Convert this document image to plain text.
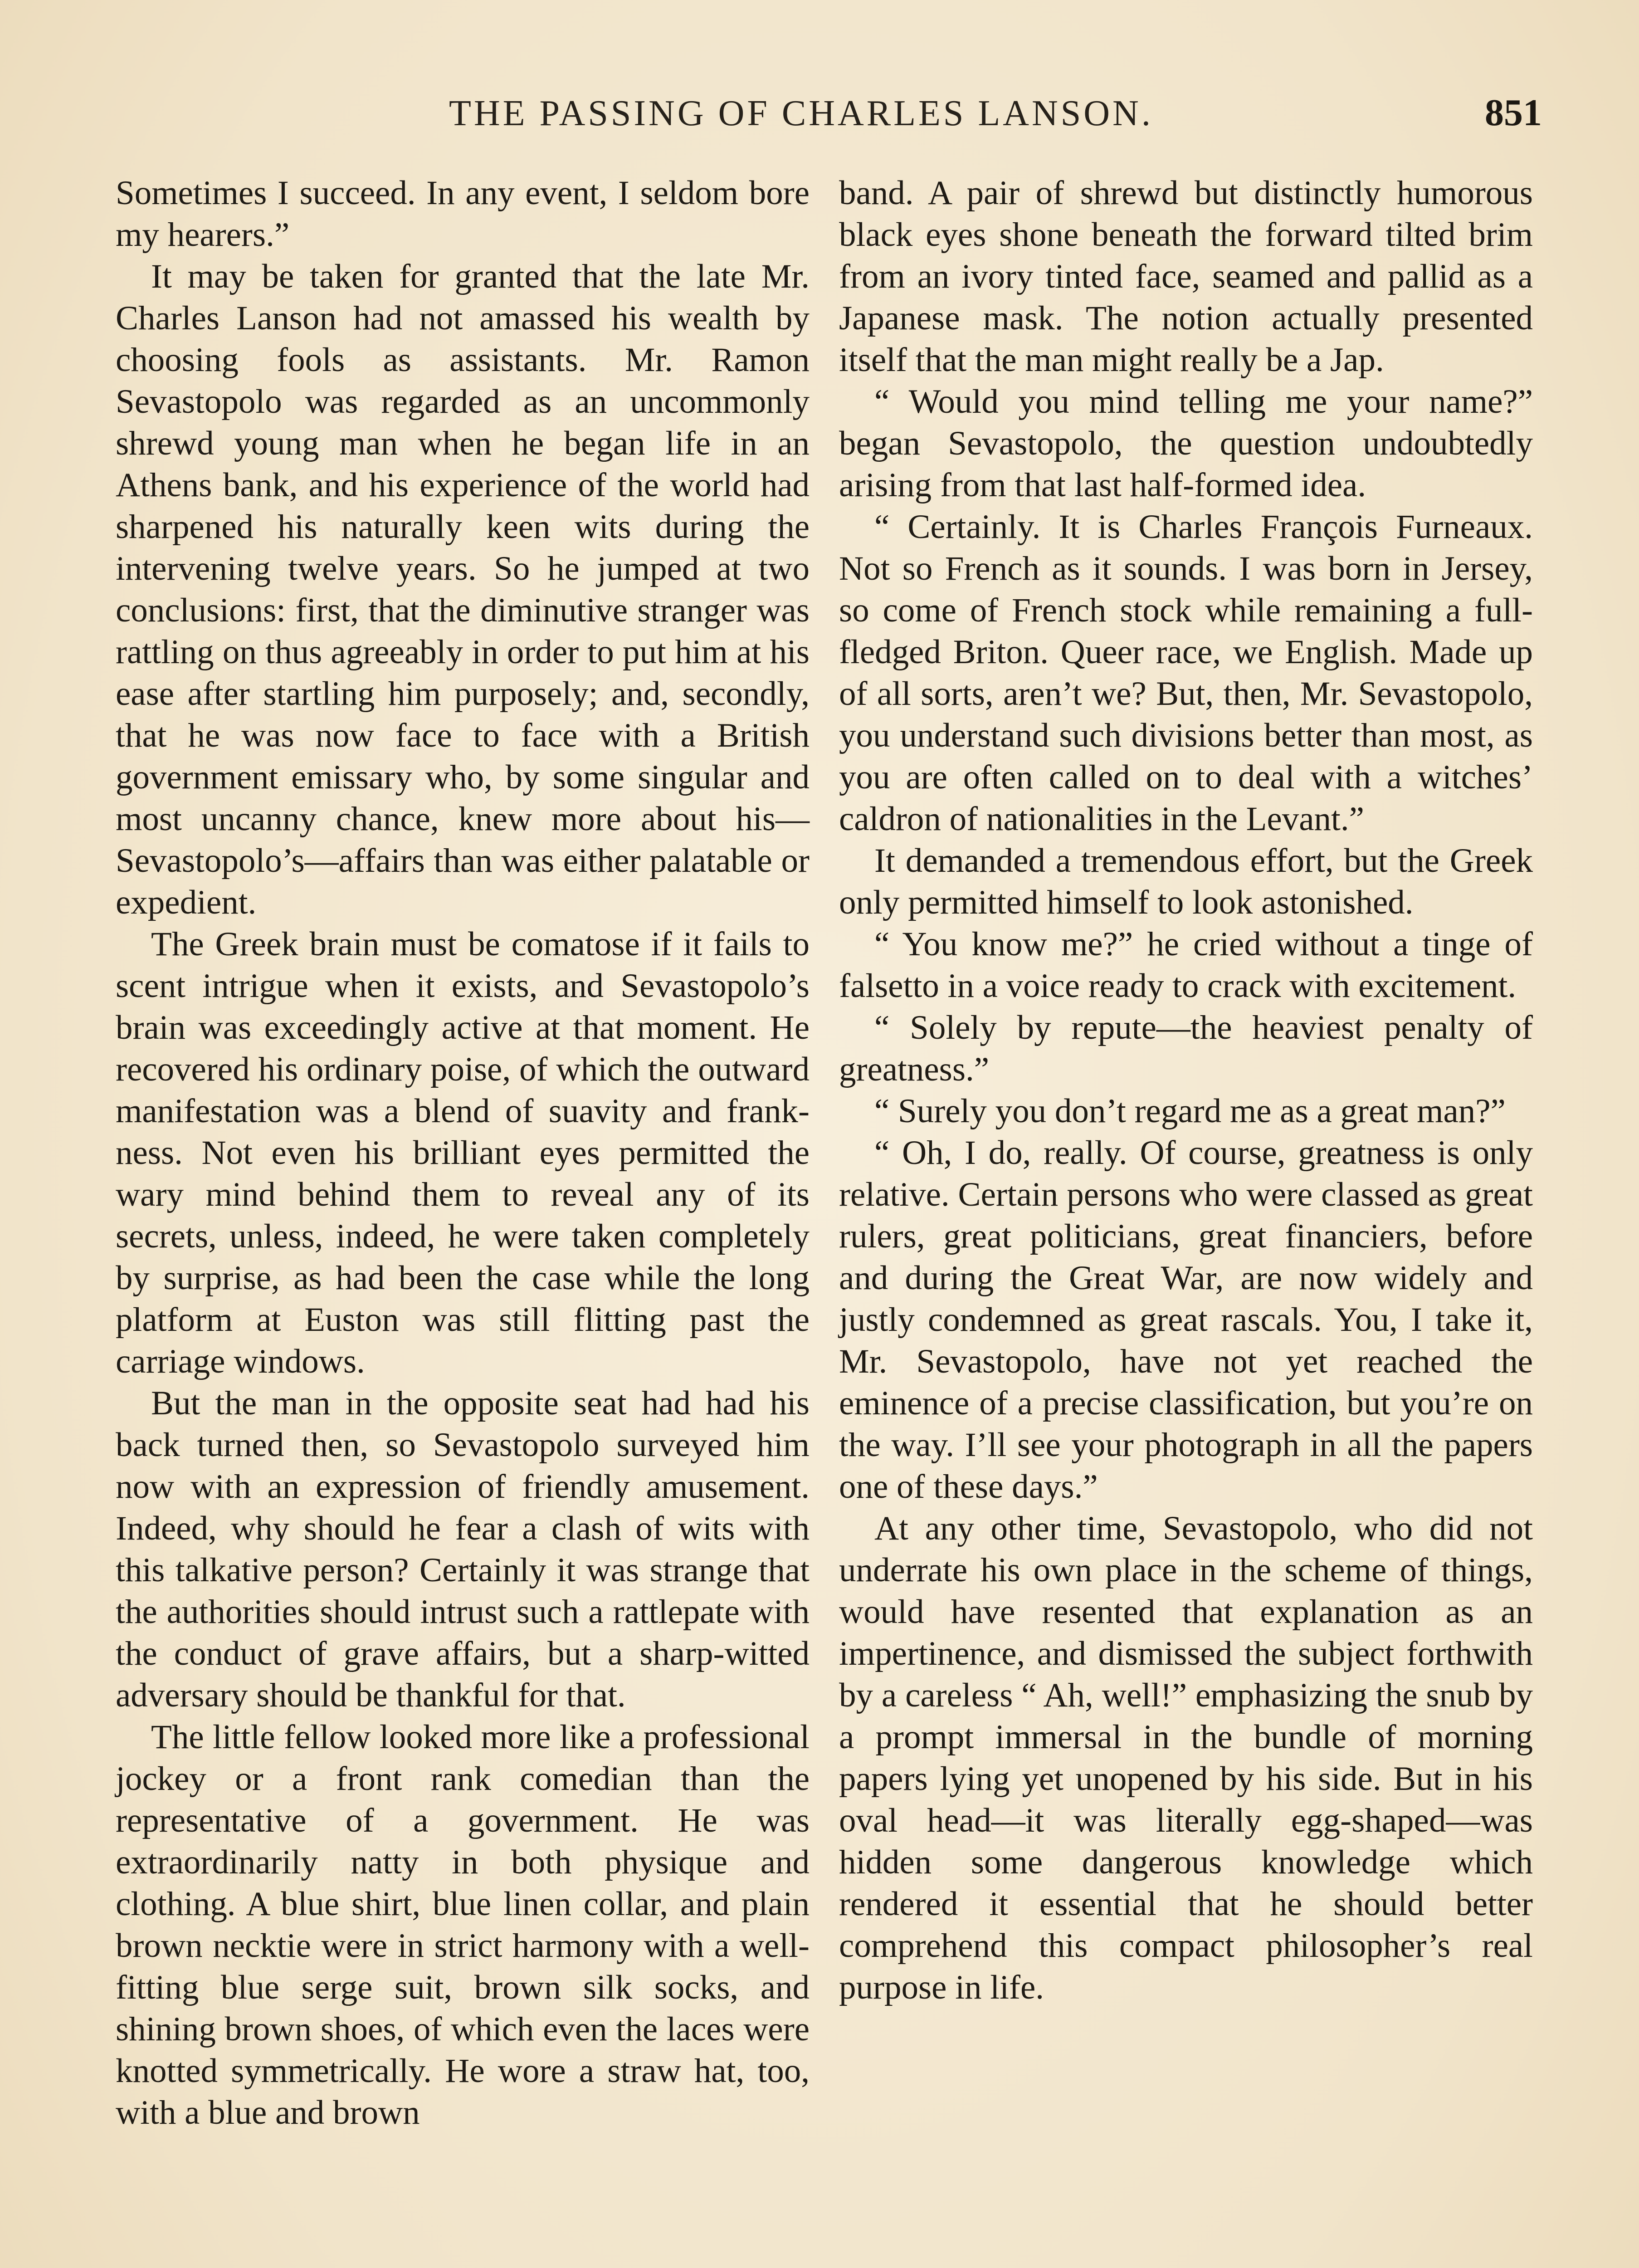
THE PASSING OF CHARLES LANSON.	851

Sometimes I succeed. In any event, I seldom bore my hearers.”

It may be taken for granted that the late Mr. Charles Lanson had not amassed his wealth by choosing fools as assistants. Mr. Ramon Sevastopolo was regarded as an uncommonly shrewd young man when he began life in an Athens bank, and his experience of the world had sharpened his naturally keen wits during the intervening twelve years. So he jumped at two conclusions: first, that the diminutive stranger was rattling on thus agreeably in order to put him at his ease after startling him purposely; and, secondly, that he was now face to face with a British government emissary who, by some singular and most uncanny chance, knew more about his—Sevastopolo’s—affairs than was either palatable or expedient.

The Greek brain must be comatose if it fails to scent intrigue when it exists, and Sevastopolo’s brain was exceedingly active at that moment. He recovered his ordinary poise, of which the outward manifestation was a blend of suavity and frankness. Not even his brilliant eyes permitted the wary mind behind them to reveal any of its secrets, unless, indeed, he were taken completely by surprise, as had been the case while the long platform at Euston was still flitting past the carriage windows.

But the man in the opposite seat had had his back turned then, so Sevastopolo surveyed him now with an expression of friendly amusement. Indeed, why should he fear a clash of wits with this talkative person? Certainly it was strange that the authorities should intrust such a rattlepate with the conduct of grave affairs, but a sharp-witted adversary should be thankful for that.

The little fellow looked more like a professional jockey or a front rank comedian than the representative of a government. He was extraordinarily natty in both physique and clothing. A blue shirt, blue linen collar, and plain brown necktie were in strict harmony with a well-fitting blue serge suit, brown silk socks, and shining brown shoes, of which even the laces were knotted symmetrically. He wore a straw hat, too, with a blue and brown

band. A pair of shrewd but distinctly humorous black eyes shone beneath the forward tilted brim from an ivory tinted face, seamed and pallid as a Japanese mask. The notion actually presented itself that the man might really be a Jap.

“ Would you mind telling me your name?” began Sevastopolo, the question undoubtedly arising from that last half-formed idea.

“ Certainly. It is Charles François Furneaux. Not so French as it sounds. I was born in Jersey, so come of French stock while remaining a full-fledged Briton. Queer race, we English. Made up of all sorts, aren’t we? But, then, Mr. Sevastopolo, you understand such divisions better than most, as you are often called on to deal with a witches’ caldron of nationalities in the Levant.”

It demanded a tremendous effort, but the Greek only permitted himself to look astonished.

“ You know me?” he cried without a tinge of falsetto in a voice ready to crack with excitement.

“ Solely by repute—the heaviest penalty of greatness.”

“ Surely you don’t regard me as a great man?”

“ Oh, I do, really. Of course, greatness is only relative. Certain persons who were classed as great rulers, great politicians, great financiers, before and during the Great War, are now widely and justly condemned as great rascals. You, I take it, Mr. Sevastopolo, have not yet reached the eminence of a precise classification, but you’re on the way. I’ll see your photograph in all the papers one of these days.”

At any other time, Sevastopolo, who did not underrate his own place in the scheme of things, would have resented that explanation as an impertinence, and dismissed the subject forthwith by a careless “ Ah, well!” emphasizing the snub by a prompt immersal in the bundle of morning papers lying yet unopened by his side. But in his oval head—it was literally egg-shaped—was hidden some dangerous knowledge which rendered it essential that he should better comprehend this compact philosopher’s real purpose in life.
